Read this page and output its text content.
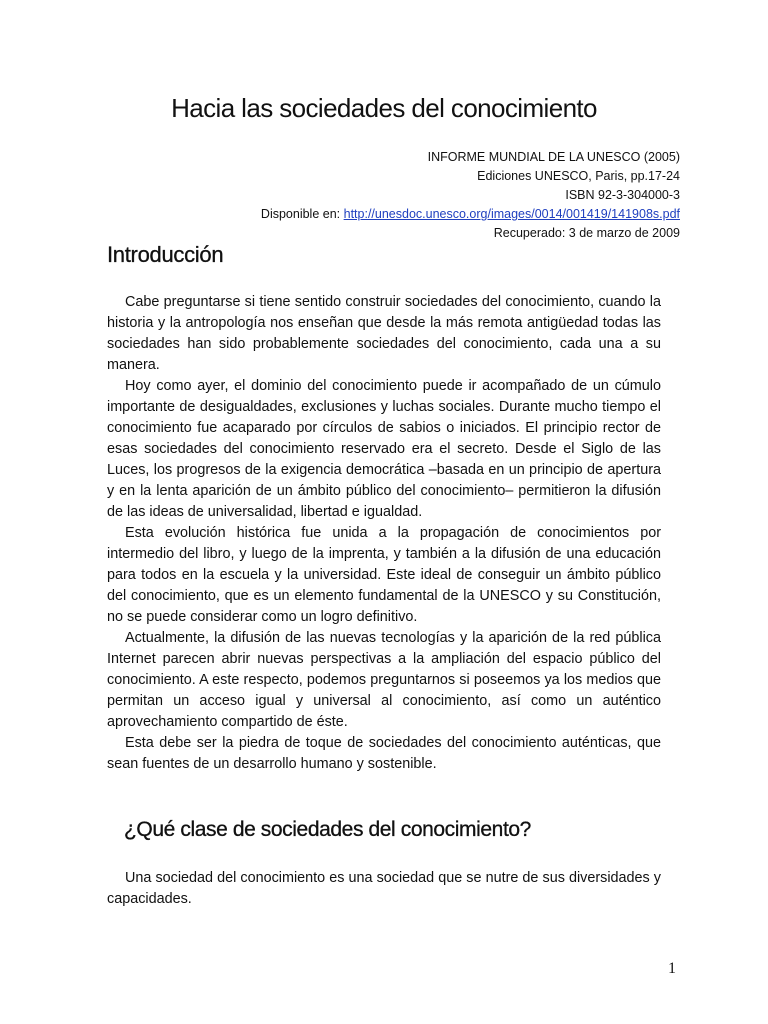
Hacia las sociedades del conocimiento
INFORME MUNDIAL DE LA UNESCO (2005)
Ediciones UNESCO, Paris, pp.17-24
ISBN 92-3-304000-3
Disponible en: http://unesdoc.unesco.org/images/0014/001419/141908s.pdf
Recuperado: 3 de marzo de 2009
Introducción

Cabe preguntarse si tiene sentido construir sociedades del conocimiento, cuando la historia y la antropología nos enseñan que desde la más remota antigüedad todas las sociedades han sido probablemente sociedades del conocimiento, cada una a su manera.

Hoy como ayer, el dominio del conocimiento puede ir acompañado de un cúmulo importante de desigualdades, exclusiones y luchas sociales. Durante mucho tiempo el conocimiento fue acaparado por círculos de sabios o iniciados. El principio rector de esas sociedades del conocimiento reservado era el secreto. Desde el Siglo de las Luces, los progresos de la exigencia democrática –basada en un principio de apertura y en la lenta aparición de un ámbito público del conocimiento– permitieron la difusión de las ideas de universalidad, libertad e igualdad.

Esta evolución histórica fue unida a la propagación de conocimientos por intermedio del libro, y luego de la imprenta, y también a la difusión de una educación para todos en la escuela y la universidad. Este ideal de conseguir un ámbito público del conocimiento, que es un elemento fundamental de la UNESCO y su Constitución, no se puede considerar como un logro definitivo.

Actualmente, la difusión de las nuevas tecnologías y la aparición de la red pública Internet parecen abrir nuevas perspectivas a la ampliación del espacio público del conocimiento. A este respecto, podemos preguntarnos si poseemos ya los medios que permitan un acceso igual y universal al conocimiento, así como un auténtico aprovechamiento compartido de éste.

Esta debe ser la piedra de toque de sociedades del conocimiento auténticas, que sean fuentes de un desarrollo humano y sostenible.

¿Qué clase de sociedades del conocimiento?

Una sociedad del conocimiento es una sociedad que se nutre de sus diversidades y capacidades.

1
